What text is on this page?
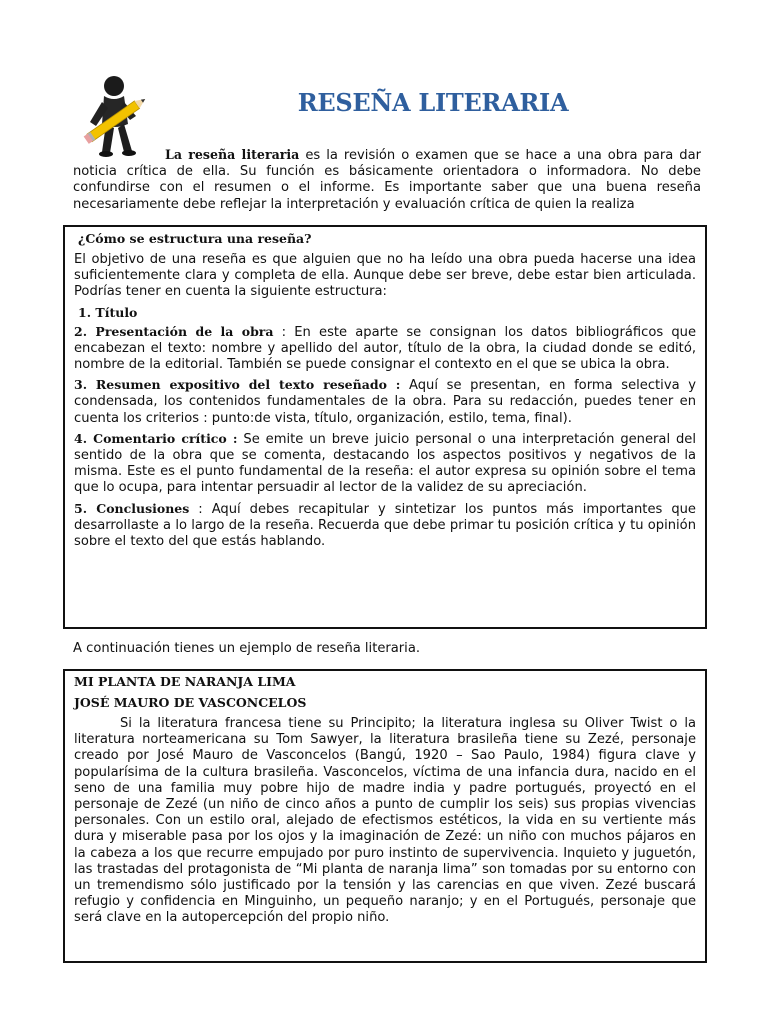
RESEÑA LITERARIA

La reseña literaria es la revisión o examen que se hace a una obra para dar noticia crítica de ella. Su función es básicamente orientadora o informadora. No debe confundirse con el resumen o el informe. Es importante saber que una buena reseña necesariamente debe reflejar la interpretación y evaluación crítica de quien la realiza

¿Cómo se estructura una reseña?

El objetivo de una reseña es que alguien que no ha leído una obra pueda hacerse una idea suficientemente clara y completa de ella. Aunque debe ser breve, debe estar bien articulada. Podrías tener en cuenta la siguiente estructura:

1. Título

2. Presentación de la obra : En este aparte se consignan los datos bibliográficos que encabezan el texto: nombre y apellido del autor, título de la obra, la ciudad donde se editó, nombre de la editorial. También se puede consignar el contexto en el que se ubica la obra.

3. Resumen expositivo del texto reseñado : Aquí se presentan, en forma selectiva y condensada, los contenidos fundamentales de la obra. Para su redacción, puedes tener en cuenta los criterios : punto:de vista, título, organización, estilo, tema, final).

4. Comentario crítico : Se emite un breve juicio personal o una interpretación general del sentido de la obra que se comenta, destacando los aspectos positivos y negativos de la misma. Este es el punto fundamental de la reseña: el autor expresa su opinión sobre el tema que lo ocupa, para intentar persuadir al lector de la validez de su apreciación.

5. Conclusiones : Aquí debes recapitular y sintetizar los puntos más importantes que desarrollaste a lo largo de la reseña. Recuerda que debe primar tu posición crítica y tu opinión sobre el texto del que estás hablando.

A continuación tienes un ejemplo de reseña literaria.

MI PLANTA DE NARANJA LIMA

JOSÉ MAURO DE VASCONCELOS

Si la literatura francesa tiene su Principito; la literatura inglesa su Oliver Twist o la literatura norteamericana su Tom Sawyer, la literatura brasileña tiene su Zezé, personaje creado por José Mauro de Vasconcelos (Bangú, 1920 – Sao Paulo, 1984) figura clave y popularísima de la cultura brasileña. Vasconcelos, víctima de una infancia dura, nacido en el seno de una familia muy pobre hijo de madre india y padre portugués, proyectó en el personaje de Zezé (un niño de cinco años a punto de cumplir los seis) sus propias vivencias personales. Con un estilo oral, alejado de efectismos estéticos, la vida en su vertiente más dura y miserable pasa por los ojos y la imaginación de Zezé: un niño con muchos pájaros en la cabeza a los que recurre empujado por puro instinto de supervivencia. Inquieto y juguetón, las trastadas del protagonista de “Mi planta de naranja lima” son tomadas por su entorno con un tremendismo sólo justificado por la tensión y las carencias en que viven. Zezé buscará refugio y confidencia en Minguinho, un pequeño naranjo; y en el Portugués, personaje que será clave en la autopercepción del propio niño.
